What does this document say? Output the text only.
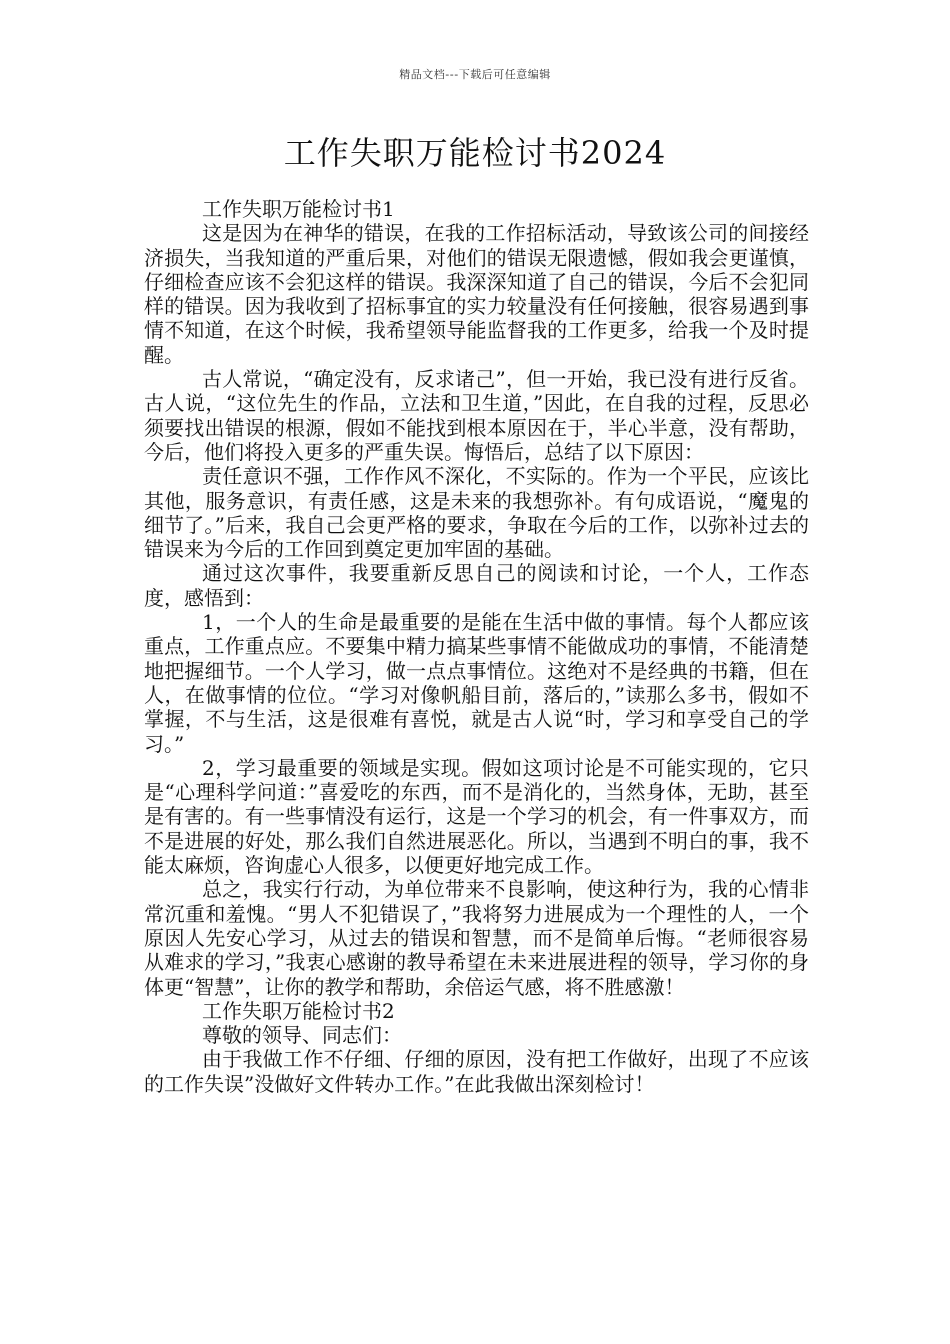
精品文档---下载后可任意编辑
工作失职万能检讨书2024

工作失职万能检讨书1

这是因为在神华的错误，在我的工作招标活动，导致该公司的间接经济损失，当我知道的严重后果，对他们的错误无限遗憾，假如我会更谨慎，仔细检查应该不会犯这样的错误。我深深知道了自己的错误，今后不会犯同样的错误。因为我收到了招标事宜的实力较量没有任何接触，很容易遇到事情不知道，在这个时候，我希望领导能监督我的工作更多，给我一个及时提醒。

古人常说，“确定没有，反求诸己”，但一开始，我已没有进行反省。古人说，“这位先生的作品，立法和卫生道，”因此，在自我的过程，反思必须要找出错误的根源，假如不能找到根本原因在于，半心半意，没有帮助，今后，他们将投入更多的严重失误。悔悟后，总结了以下原因：

责任意识不强，工作作风不深化，不实际的。作为一个平民，应该比其他，服务意识，有责任感，这是未来的我想弥补。有句成语说，“魔鬼的细节了。”后来，我自己会更严格的要求，争取在今后的工作，以弥补过去的错误来为今后的工作回到奠定更加牢固的基础。

通过这次事件，我要重新反思自己的阅读和讨论，一个人，工作态度，感悟到：

1，一个人的生命是最重要的是能在生活中做的事情。每个人都应该重点，工作重点应。不要集中精力搞某些事情不能做成功的事情，不能清楚地把握细节。一个人学习，做一点点事情位。这绝对不是经典的书籍，但在人，在做事情的位位。“学习对像帆船目前，落后的，”读那么多书，假如不掌握，不与生活，这是很难有喜悦，就是古人说“时，学习和享受自己的学习。”

2，学习最重要的领域是实现。假如这项讨论是不可能实现的，它只是“心理科学问道：”喜爱吃的东西，而不是消化的，当然身体，无助，甚至是有害的。有一些事情没有运行，这是一个学习的机会，有一件事双方，而不是进展的好处，那么我们自然进展恶化。所以，当遇到不明白的事，我不能太麻烦，咨询虚心人很多，以便更好地完成工作。

总之，我实行行动，为单位带来不良影响，使这种行为，我的心情非常沉重和羞愧。“男人不犯错误了，”我将努力进展成为一个理性的人，一个原因人先安心学习，从过去的错误和智慧，而不是简单后悔。“老师很容易从难求的学习，”我衷心感谢的教导希望在未来进展进程的领导，学习你的身体更“智慧”，让你的教学和帮助，余倍运气感，将不胜感激！

工作失职万能检讨书2

尊敬的领导、同志们：

由于我做工作不仔细、仔细的原因，没有把工作做好，出现了不应该的工作失误”没做好文件转办工作。”在此我做出深刻检讨！
